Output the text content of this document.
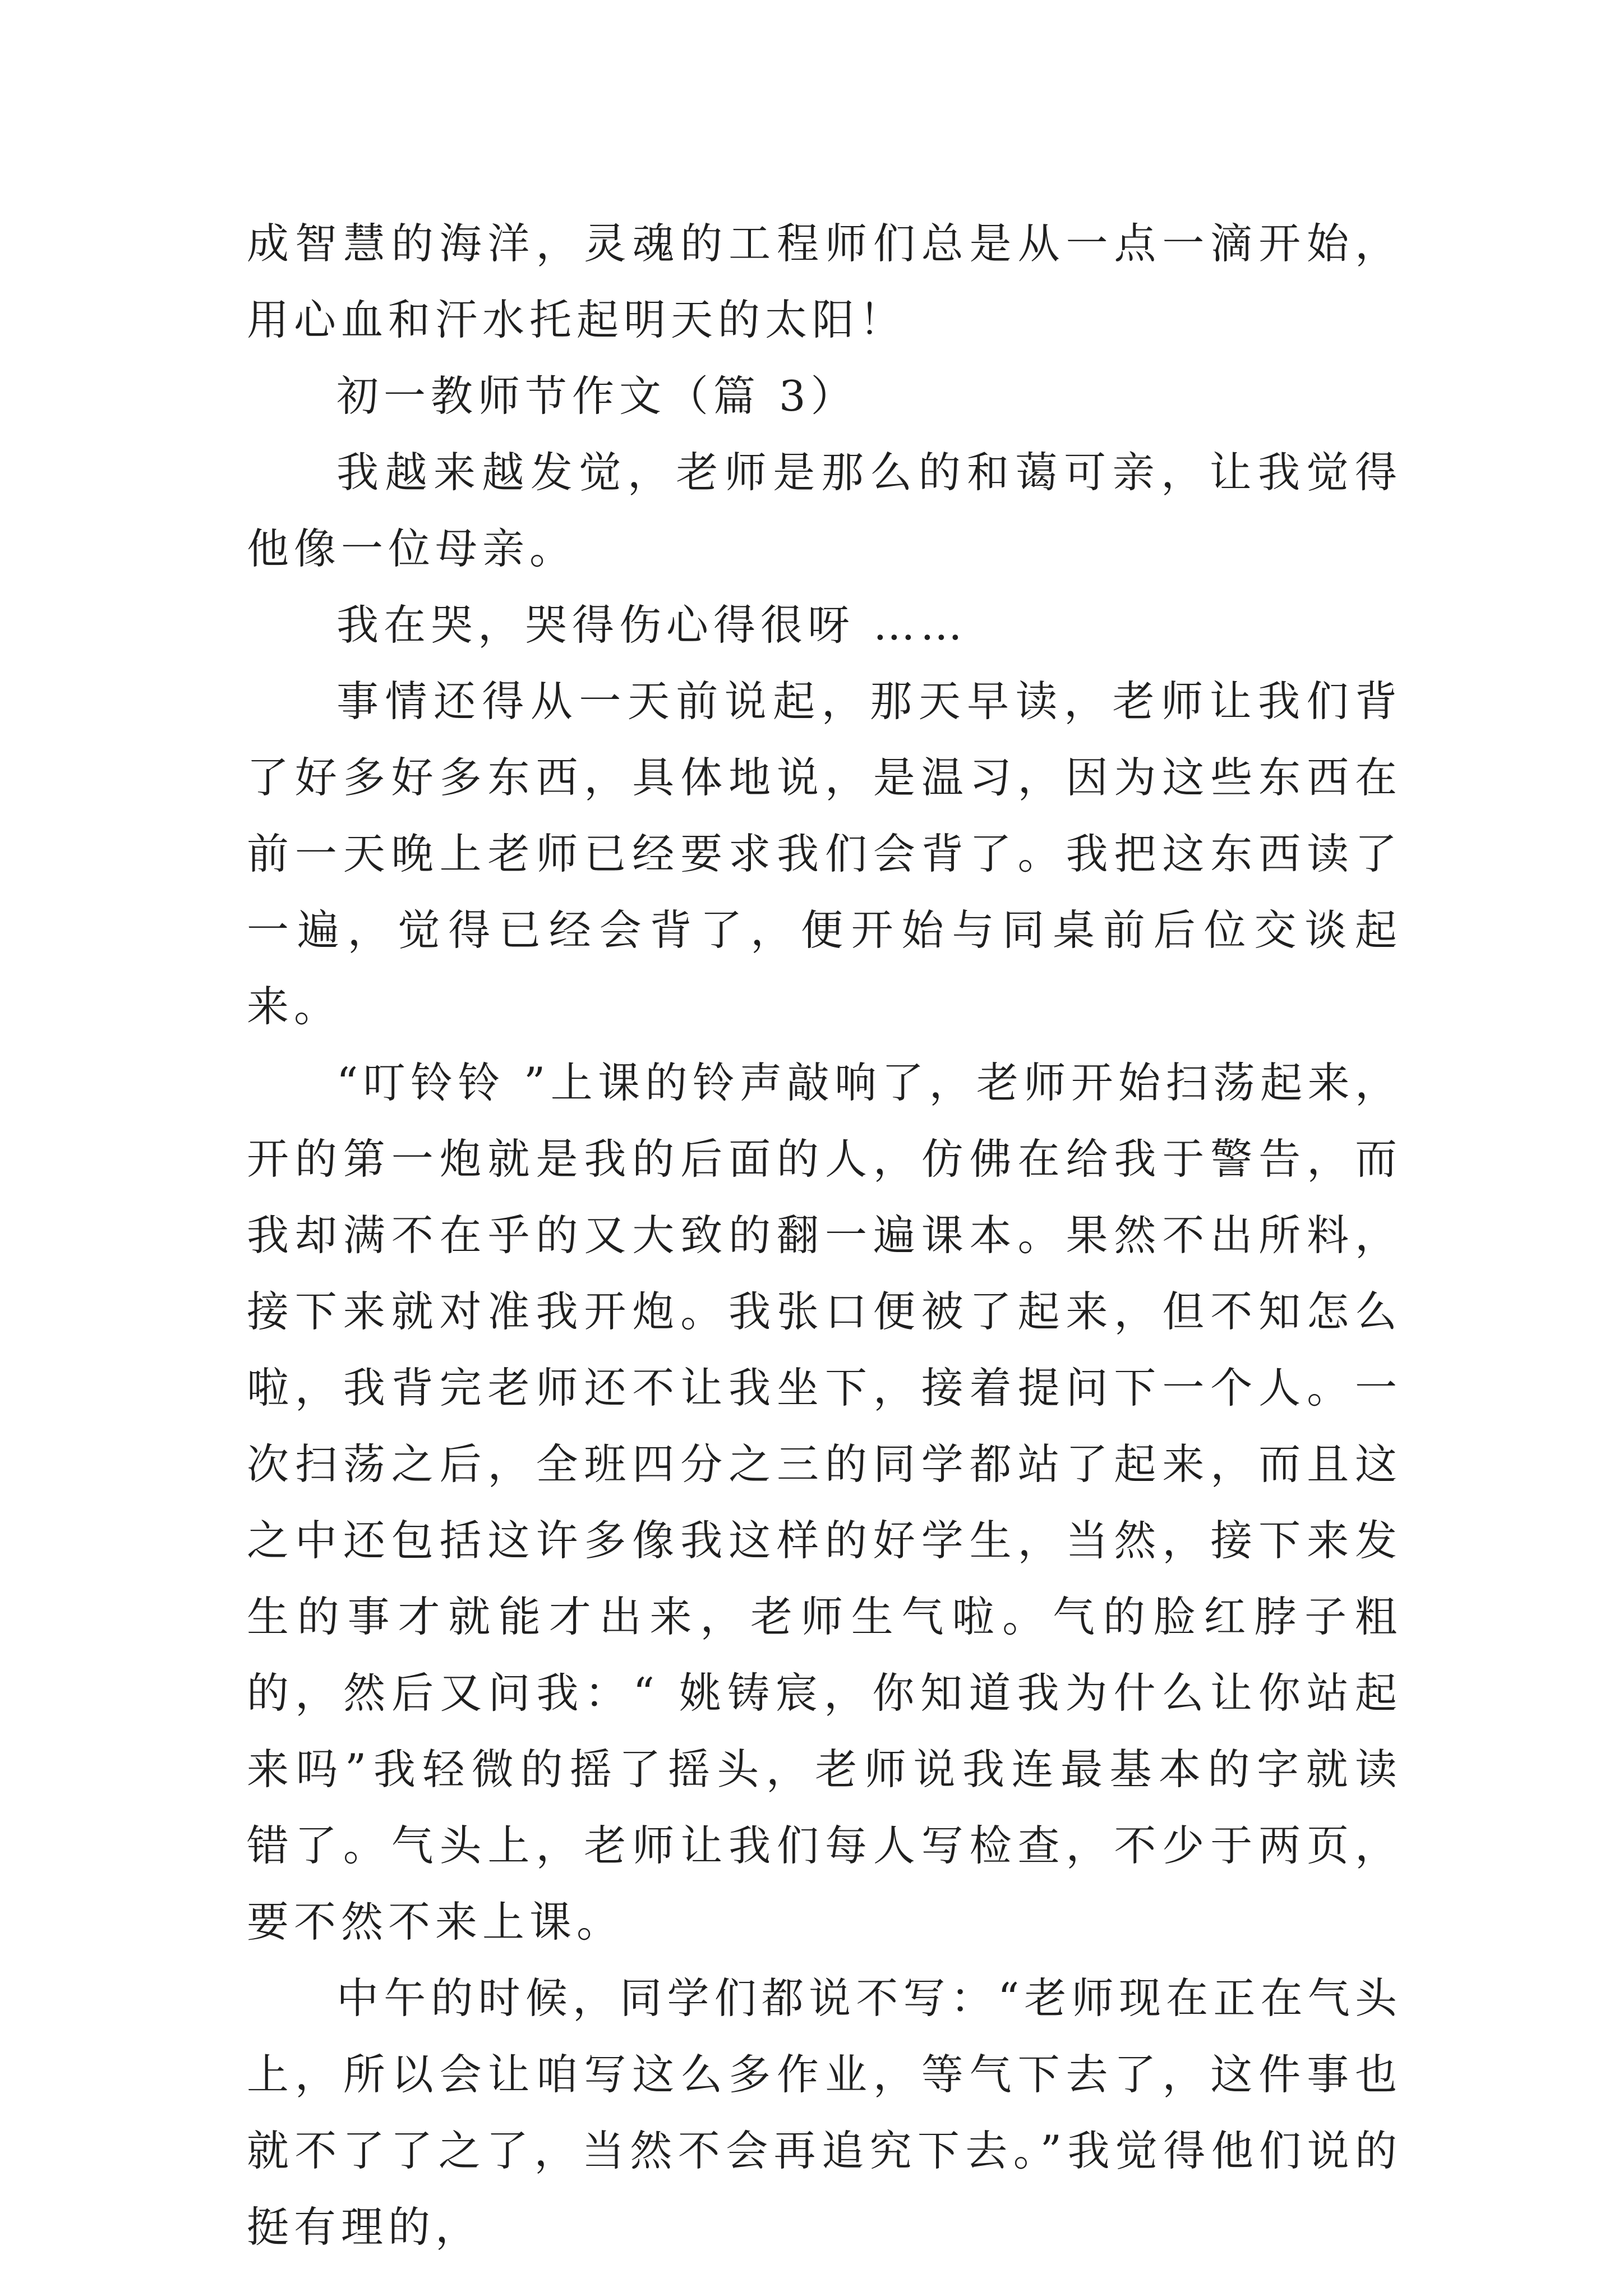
成智慧的海洋，灵魂的工程师们总是从一点一滴开始，用心血和汗水托起明天的太阳！

初一教师节作文（篇 3）

我越来越发觉，老师是那么的和蔼可亲，让我觉得他像一位母亲。

我在哭，哭得伤心得很呀 ……

事情还得从一天前说起，那天早读，老师让我们背了好多好多东西，具体地说，是温习，因为这些东西在前一天晚上老师已经要求我们会背了。我把这东西读了一遍，觉得已经会背了，便开始与同桌前后位交谈起来。

“叮铃铃 ”上课的铃声敲响了，老师开始扫荡起来，开的第一炮就是我的后面的人，仿佛在给我于警告，而我却满不在乎的又大致的翻一遍课本。果然不出所料，接下来就对准我开炮。我张口便被了起来，但不知怎么啦，我背完老师还不让我坐下，接着提问下一个人。一次扫荡之后，全班四分之三的同学都站了起来，而且这之中还包括这许多像我这样的好学生，当然，接下来发生的事才就能才出来，老师生气啦。气的脸红脖子粗的，然后又问我：“ 姚铸宸，你知道我为什么让你站起来吗”我轻微的摇了摇头，老师说我连最基本的字就读错了。气头上，老师让我们每人写检查，不少于两页，要不然不来上课。

中午的时候，同学们都说不写：“老师现在正在气头上，所以会让咱写这么多作业，等气下去了，这件事也就不了了之了，当然不会再追究下去。”我觉得他们说的挺有理的，
